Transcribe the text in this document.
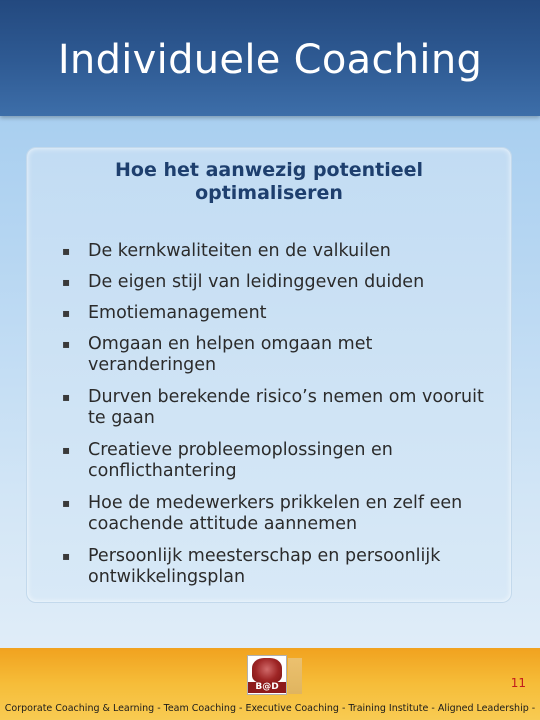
Individuele Coaching
Hoe het aanwezig potentieel
optimaliseren
▪
De kernkwaliteiten en de valkuilen
▪
De eigen stijl van leidinggeven duiden
▪
Emotiemanagement
▪
Omgaan en helpen omgaan met
veranderingen
▪
Durven berekende risico’s nemen om vooruit
te gaan
▪
Creatieve probleemoplossingen en
conflicthantering
▪
Hoe de medewerkers prikkelen en zelf een
coachende attitude aannemen
▪
Persoonlijk meesterschap en persoonlijk
ontwikkelingsplan
B@D	11
Corporate Coaching & Learning - Team Coaching - Executive Coaching - Training Institute - Aligned Leadership -
